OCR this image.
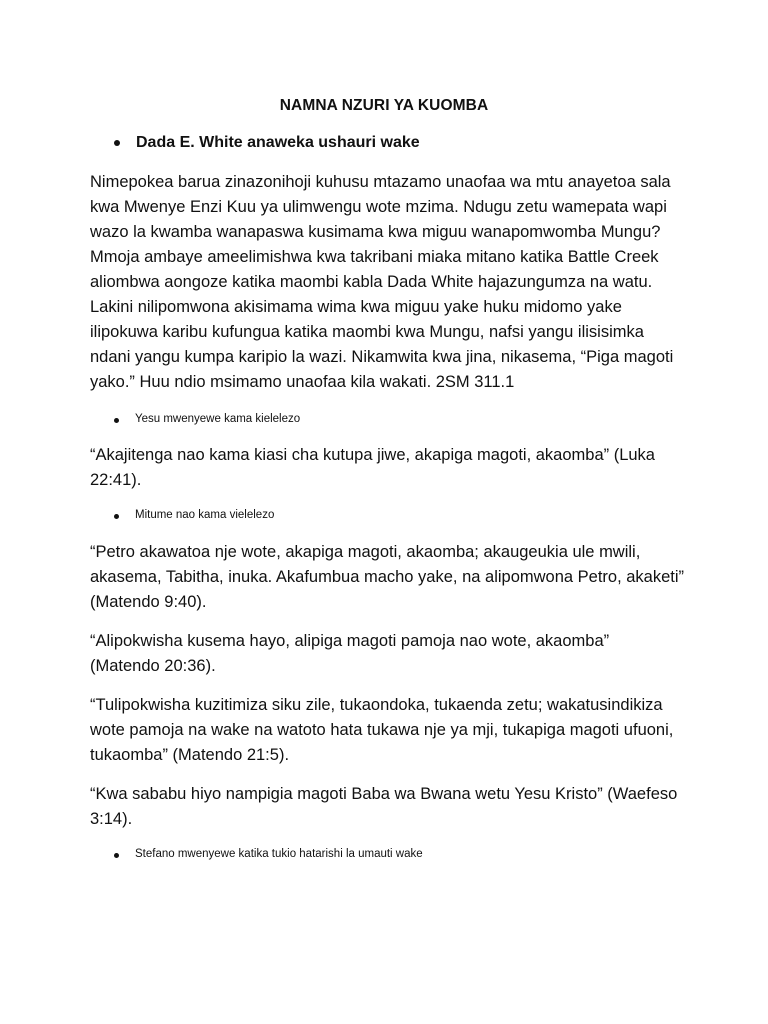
NAMNA NZURI YA KUOMBA
Dada E. White anaweka ushauri wake
Nimepokea barua zinazonihoji kuhusu mtazamo unaofaa wa mtu anayetoa sala
kwa Mwenye Enzi Kuu ya ulimwengu wote mzima. Ndugu zetu wamepata wapi
wazo la kwamba wanapaswa kusimama kwa miguu wanapomwomba Mungu?
Mmoja ambaye ameelimishwa kwa takribani miaka mitano katika Battle Creek
aliombwa aongoze katika maombi kabla Dada White hajazungumza na watu.
Lakini nilipomwona akisimama wima kwa miguu yake huku midomo yake
ilipokuwa karibu kufungua katika maombi kwa Mungu, nafsi yangu ilisisimka
ndani yangu kumpa karipio la wazi. Nikamwita kwa jina, nikasema, “Piga magoti
yako.” Huu ndio msimamo unaofaa kila wakati. 2SM 311.1
Yesu mwenyewe kama kielelezo
“Akajitenga nao kama kiasi cha kutupa jiwe, akapiga magoti, akaomba” (Luka
22:41).
Mitume nao kama vielelezo
“Petro akawatoa nje wote, akapiga magoti, akaomba; akaugeukia ule mwili,
akasema, Tabitha, inuka. Akafumbua macho yake, na alipomwona Petro, akaketi”
(Matendo 9:40).
“Alipokwisha kusema hayo, alipiga magoti pamoja nao wote, akaomba”
(Matendo 20:36).
“Tulipokwisha kuzitimiza siku zile, tukaondoka, tukaenda zetu; wakatusindikiza
wote pamoja na wake na watoto hata tukawa nje ya mji, tukapiga magoti ufuoni,
tukaomba” (Matendo 21:5).
“Kwa sababu hiyo nampigia magoti Baba wa Bwana wetu Yesu Kristo” (Waefeso
3:14).
Stefano mwenyewe katika tukio hatarishi la umauti wake
